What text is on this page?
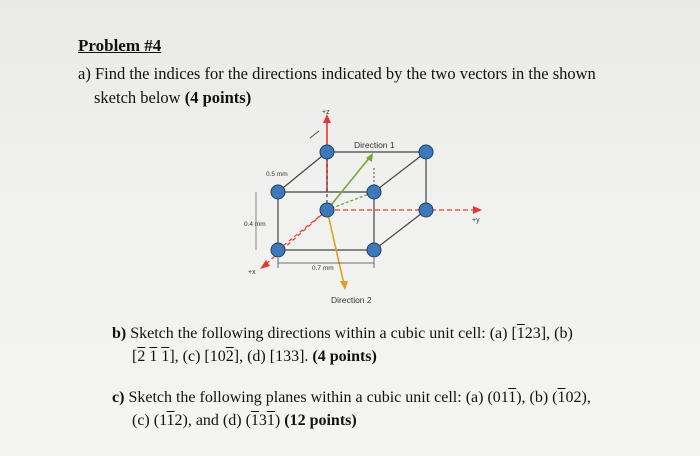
Problem #4
a) Find the indices for the directions indicated by the two vectors in the shown
sketch below (4 points)
+z
+y
+x
0.5 mm
0.4 mm
0.7 mm
Direction 1
Direction 2
b) Sketch the following directions within a cubic unit cell: (a) [123], (b)
[2 1 1], (c) [102], (d) [133]. (4 points)
c) Sketch the following planes within a cubic unit cell: (a) (011), (b) (102),
(c) (112), and (d) (131) (12 points)
